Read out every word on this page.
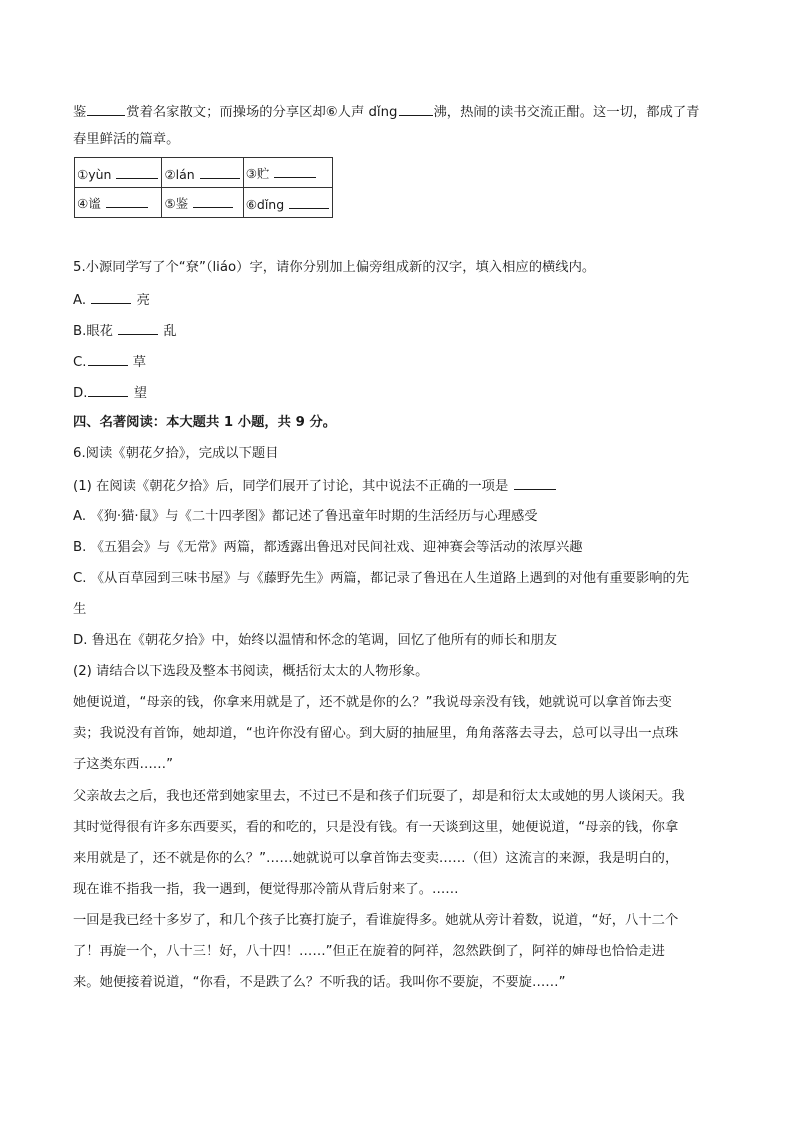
鉴	赏着名家散文；而操场的分享区却⑥人声 dǐng	沸，热闹的读书交流正酣。这一切，都成了青
春里鲜活的篇章。
①yùn	②lán	③贮
④谧	⑤鉴	⑥dǐng
5.小源同学写了个“尞”（liáo）字，请你分别加上偏旁组成新的汉字，填入相应的横线内。
A.	亮
B.眼花	乱
C.	草
D.	望
四、名著阅读：本大题共 1 小题，共 9 分。
6.阅读《朝花夕拾》，完成以下题目
(1) 在阅读《朝花夕拾》后，同学们展开了讨论，其中说法不正确的一项是
A. 《狗·猫·鼠》与《二十四孝图》都记述了鲁迅童年时期的生活经历与心理感受
B. 《五猖会》与《无常》两篇，都透露出鲁迅对民间社戏、迎神赛会等活动的浓厚兴趣
C. 《从百草园到三味书屋》与《藤野先生》两篇，都记录了鲁迅在人生道路上遇到的对他有重要影响的先
生
D. 鲁迅在《朝花夕拾》中，始终以温情和怀念的笔调，回忆了他所有的师长和朋友
(2) 请结合以下选段及整本书阅读，概括衍太太的人物形象。
她便说道，“母亲的钱，你拿来用就是了，还不就是你的么？”我说母亲没有钱，她就说可以拿首饰去变
卖；我说没有首饰，她却道，“也许你没有留心。到大厨的抽屉里，角角落落去寻去，总可以寻出一点珠
子这类东西……”
父亲故去之后，我也还常到她家里去，不过已不是和孩子们玩耍了，却是和衍太太或她的男人谈闲天。我
其时觉得很有许多东西要买，看的和吃的，只是没有钱。有一天谈到这里，她便说道，“母亲的钱，你拿
来用就是了，还不就是你的么？”……她就说可以拿首饰去变卖……（但）这流言的来源，我是明白的，
现在谁不指我一指，我一遇到，便觉得那冷箭从背后射来了。……
一回是我已经十多岁了，和几个孩子比赛打旋子，看谁旋得多。她就从旁计着数，说道，“好，八十二个
了！再旋一个，八十三！好，八十四！……”但正在旋着的阿祥，忽然跌倒了，阿祥的婶母也恰恰走进
来。她便接着说道，“你看，不是跌了么？不听我的话。我叫你不要旋，不要旋……”
